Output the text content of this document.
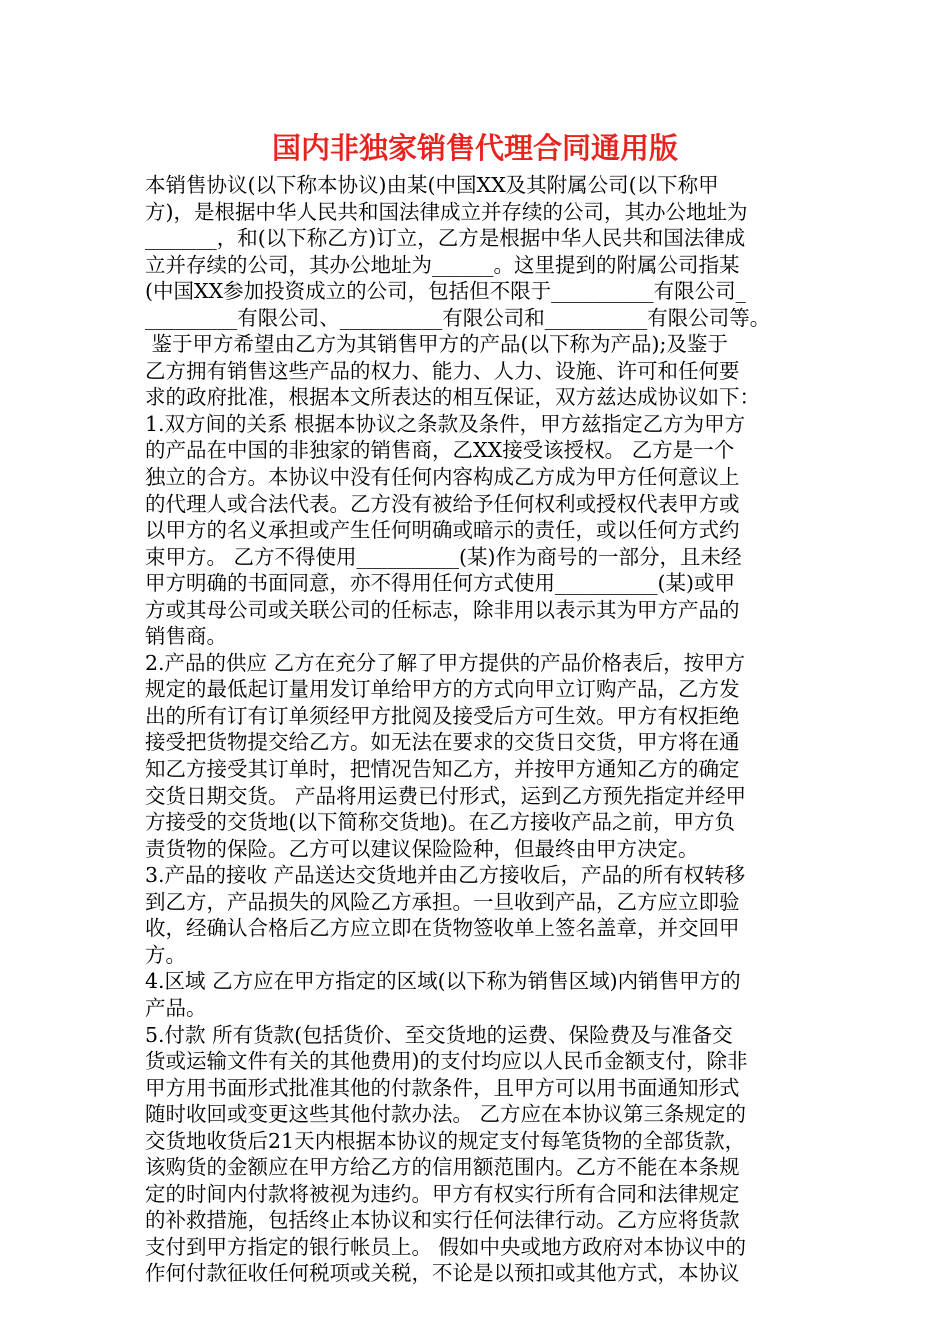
国内非独家销售代理合同通用版
本销售协议(以下称本协议)由某(中国XX及其附属公司(以下称甲
方)，是根据中华人民共和国法律成立并存续的公司，其办公地址为
_______，和(以下称乙方)订立，乙方是根据中华人民共和国法律成
立并存续的公司，其办公地址为______。这里提到的附属公司指某
(中国XX参加投资成立的公司，包括但不限于__________有限公司_
_________有限公司、__________有限公司和__________有限公司等。
鉴于甲方希望由乙方为其销售甲方的产品(以下称为产品);及鉴于
乙方拥有销售这些产品的权力、能力、人力、设施、许可和任何要
求的政府批准，根据本文所表达的相互保证，双方兹达成协议如下：
1.双方间的关系 根据本协议之条款及条件，甲方兹指定乙方为甲方
的产品在中国的非独家的销售商，乙XX接受该授权。 乙方是一个
独立的合方。本协议中没有任何内容构成乙方成为甲方任何意议上
的代理人或合法代表。乙方没有被给予任何权利或授权代表甲方或
以甲方的名义承担或产生任何明确或暗示的责任，或以任何方式约
束甲方。 乙方不得使用__________(某)作为商号的一部分，且未经
甲方明确的书面同意，亦不得用任何方式使用__________(某)或甲
方或其母公司或关联公司的任标志，除非用以表示其为甲方产品的
销售商。
2.产品的供应 乙方在充分了解了甲方提供的产品价格表后，按甲方
规定的最低起订量用发订单给甲方的方式向甲立订购产品，乙方发
出的所有订有订单须经甲方批阅及接受后方可生效。甲方有权拒绝
接受把货物提交给乙方。如无法在要求的交货日交货，甲方将在通
知乙方接受其订单时，把情况告知乙方，并按甲方通知乙方的确定
交货日期交货。 产品将用运费已付形式，运到乙方预先指定并经甲
方接受的交货地(以下简称交货地)。在乙方接收产品之前，甲方负
责货物的保险。乙方可以建议保险险种，但最终由甲方决定。
3.产品的接收 产品送达交货地并由乙方接收后，产品的所有权转移
到乙方，产品损失的风险乙方承担。一旦收到产品，乙方应立即验
收，经确认合格后乙方应立即在货物签收单上签名盖章，并交回甲
方。
4.区域 乙方应在甲方指定的区域(以下称为销售区域)内销售甲方的
产品。
5.付款 所有货款(包括货价、至交货地的运费、保险费及与准备交
货或运输文件有关的其他费用)的支付均应以人民币金额支付，除非
甲方用书面形式批准其他的付款条件，且甲方可以用书面通知形式
随时收回或变更这些其他付款办法。 乙方应在本协议第三条规定的
交货地收货后21天内根据本协议的规定支付每笔货物的全部货款，
该购货的金额应在甲方给乙方的信用额范围内。乙方不能在本条规
定的时间内付款将被视为违约。甲方有权实行所有合同和法律规定
的补救措施，包括终止本协议和实行任何法律行动。乙方应将货款
支付到甲方指定的银行帐员上。 假如中央或地方政府对本协议中的
作何付款征收任何税项或关税，不论是以预扣或其他方式，本协议
